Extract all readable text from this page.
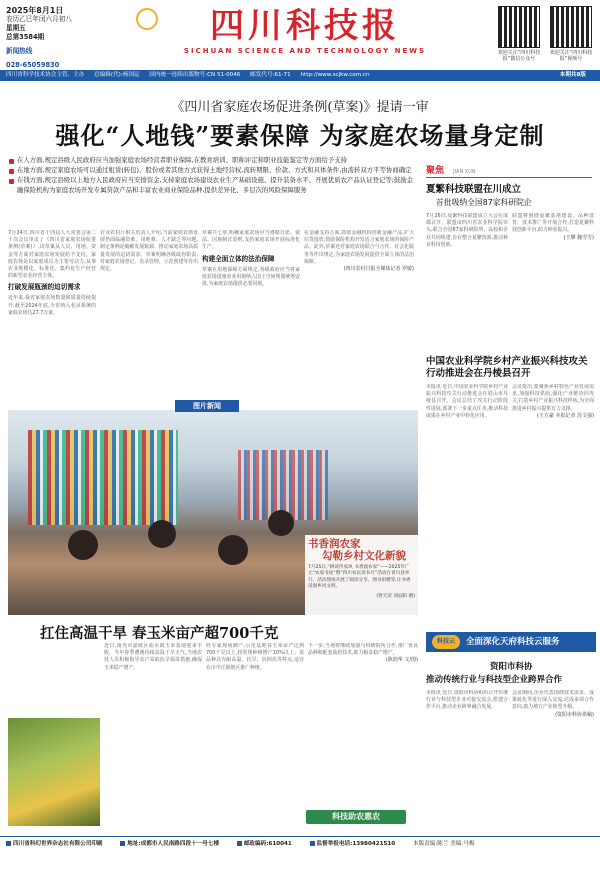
2025年8月1日
农历乙巳年闰六月初八
星期五
总第3584期
新闻热线
028-65059830
四川科技报
SICHUAN SCIENCE AND TECHNOLOGY NEWS	欢迎关注“四川科技报”微信公众号
欢迎关注“四川科技报”视频号
四川省科学技术协会主管、主办 总编辑(代):杨国运 国内统一连续出版物号:CN 51-0046 邮发代号:61-71 http://www.scjkw.com.cn	本期共8版
《四川省家庭农场促进条例(草案)》提请一审
强化“人地钱”要素保障 为家庭农场量身定制
在人方面,规定县级人民政府应当加强家庭农场经营者职业保障,在教育培训、职称评定和职业技能鉴定等方面给予支持
在地方面,规定家庭农场可以通过租赁(转包)、股份或者其他方式获得土地经营权,流转期限、价款、方式和具体条件,由流转双方平等协商确定
在钱方面,规定县级以上地方人民政府应当安排资金,支持家庭农场建设农业生产基础设施、提升装备水平、开展优质农产品认证登记等;鼓励金融保险机构为家庭农场开发专属贷款产品和丰富农业商业保险品种,提供差异化、多层次的风险保障服务
7月24日,四川省十四届人大常委会第二十次会议审议了《四川省家庭农场促进条例(草案)》,该草案从人员、用地、资金等方面对家庭农场发展给予支持。家庭农场是以家庭成员为主要劳动力,从事农业规模化、标准化、集约化生产经营的新型农业经营主体。
打破发展瓶颈的迫切需求
近年来,我省家庭农场数量和质量持续提升,截至2024年底,全省纳入名录系统的家庭农场达27.7万家。
农业农村厅相关负责人介绍,当前家庭农场发展仍面临融资难、用地难、人才缺乏等问题,制定条例是破解发展瓶颈、推动家庭农场高质量发展的迫切需求。草案明确各级政府职责,对家庭农场登记、名录管理、示范创建等作出规定。
草案共七章,明确家庭农场应当遵循自愿、依法、因地制宜原则,支持家庭农场开展标准化生产。
构建全面立体的法治保障
草案在用地保障方面规定,各级政府应当将家庭农场设施农业用地纳入国土空间规划统筹安排,为家庭农场提供必要用地。
在金融支持方面,鼓励金融机构创新金融产品,扩大信贷投放;鼓励保险机构开发适合家庭农场的保险产品。此外,草案还对家庭农场联合与合作、社会化服务等作出规定,为家庭农场发展提供全面立体的法治保障。
(四川农村日报全媒体记者 罗敏)
图片新闻
书香润农家
勾勒乡村文化新貌
7月25日,“耕读传家风 书香润农家”——2025年广元“农家书屋”暨“四川农民读书月”活动在青川县举行。活动现场开展了阅读分享、图书捐赠等,让书香浸润乡风文明。
(贾天荣 刘辰阳 摄)
扛住高温干旱 春玉米亩产超700千克
近日,南充市嘉陵区曲水镇玉米基地迎来丰收。今年春季遭遇持续高温干旱天气,当地农技人员积极指导农户采取抗旱保苗措施,确保玉米稳产增产。
经专家现场测产,示范基地春玉米亩产达到700千克以上,较常规种植增产10%以上。该品种具有耐高温、抗旱、抗倒伏等特点,适宜在川中丘陵地区推广种植。
下一步,当地将继续加强与科研院所合作,推广优良品种和配套栽培技术,助力粮食稳产增产。
(陈润华 文/图)
科技助农惠农
聚焦 JIAN XUN
夏繁科技联盟在川成立
首批吸纳全国87家科研院企
7月26日,夏繁科技联盟成立大会在成都召开。联盟由四川省农业科学院牵头,联合全国87家科研院所、高校和企业共同组建,旨在整合夏繁资源,推动种业科技创新。
联盟将围绕夏繁基地建设、品种选育、技术推广等开展合作,打造夏繁科技创新平台,助力种业振兴。
(王攀 魏雪雪)
中国农业科学院乡村产业振兴科技攻关行动推进会在丹棱县召开
本报讯 近日,中国农业科学院乡村产业振兴科技攻关行动推进会在眉山市丹棱县召开。会议总结了攻关行动阶段性进展,部署下一步重点任务,推动科技成果在乡村产业中转化应用。
会议提出,要聚焦乡村特色产业发展需求,加强科技供给,强化产业链协同攻关,打造乡村产业振兴科技样板,为全面推进乡村振兴提供有力支撑。
(王方豪 本报记者 苏文强)
科技云	全面深化天府科技云服务
资阳市科协
推动传统行业与科技型企业跨界合作
本报讯 近日,资阳市科协组织召开传统行业与科技型企业对接交流会,搭建合作平台,推动企业跨界融合发展。
会议期间,企业代表围绕技术需求、成果转化等进行深入交流,达成多项合作意向,助力地方产业转型升级。
(资阳市科协供稿)
四川省科幻世界杂志社有限公司印刷	地址:成都市人民南路四段十一号七楼	邮政编码:610041	监督举报电话:13980421510	本版责编:陈兰 美编:马梅
